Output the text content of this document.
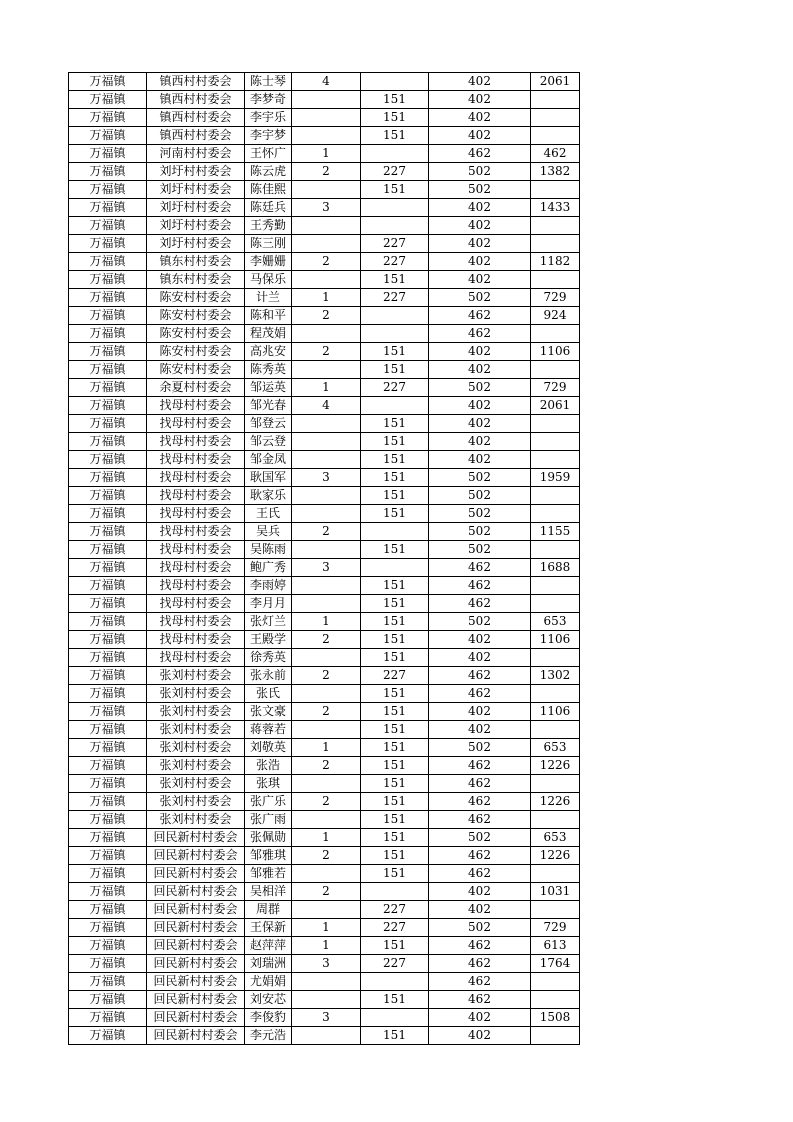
万福镇	镇西村村委会	陈士琴	4		402	2061
万福镇	镇西村村委会	李梦奇		151	402	
万福镇	镇西村村委会	李宇乐		151	402	
万福镇	镇西村村委会	李宇梦		151	402	
万福镇	河南村村委会	王怀广	1		462	462
万福镇	刘圩村村委会	陈云虎	2	227	502	1382
万福镇	刘圩村村委会	陈佳熙		151	502	
万福镇	刘圩村村委会	陈廷兵	3		402	1433
万福镇	刘圩村村委会	王秀勤			402	
万福镇	刘圩村村委会	陈三刚		227	402	
万福镇	镇东村村委会	李姗姗	2	227	402	1182
万福镇	镇东村村委会	马保乐		151	402	
万福镇	陈安村村委会	计兰	1	227	502	729
万福镇	陈安村村委会	陈和平	2		462	924
万福镇	陈安村村委会	程茂娟			462	
万福镇	陈安村村委会	高兆安	2	151	402	1106
万福镇	陈安村村委会	陈秀英		151	402	
万福镇	余夏村村委会	邹运英	1	227	502	729
万福镇	找母村村委会	邹光春	4		402	2061
万福镇	找母村村委会	邹登云		151	402	
万福镇	找母村村委会	邹云登		151	402	
万福镇	找母村村委会	邹金凤		151	402	
万福镇	找母村村委会	耿国军	3	151	502	1959
万福镇	找母村村委会	耿家乐		151	502	
万福镇	找母村村委会	王氏		151	502	
万福镇	找母村村委会	吴兵	2		502	1155
万福镇	找母村村委会	吴陈雨		151	502	
万福镇	找母村村委会	鲍广秀	3		462	1688
万福镇	找母村村委会	李雨婷		151	462	
万福镇	找母村村委会	李月月		151	462	
万福镇	找母村村委会	张灯兰	1	151	502	653
万福镇	找母村村委会	王殿学	2	151	402	1106
万福镇	找母村村委会	徐秀英		151	402	
万福镇	张刘村村委会	张永前	2	227	462	1302
万福镇	张刘村村委会	张氏		151	462	
万福镇	张刘村村委会	张文豪	2	151	402	1106
万福镇	张刘村村委会	蒋蓉若		151	402	
万福镇	张刘村村委会	刘敬英	1	151	502	653
万福镇	张刘村村委会	张浩	2	151	462	1226
万福镇	张刘村村委会	张琪		151	462	
万福镇	张刘村村委会	张广乐	2	151	462	1226
万福镇	张刘村村委会	张广雨		151	462	
万福镇	回民新村村委会	张佩勋	1	151	502	653
万福镇	回民新村村委会	邹雅琪	2	151	462	1226
万福镇	回民新村村委会	邹雅若		151	462	
万福镇	回民新村村委会	吴相洋	2		402	1031
万福镇	回民新村村委会	周群		227	402	
万福镇	回民新村村委会	王保新	1	227	502	729
万福镇	回民新村村委会	赵萍萍	1	151	462	613
万福镇	回民新村村委会	刘瑞洲	3	227	462	1764
万福镇	回民新村村委会	尤娟娟			462	
万福镇	回民新村村委会	刘安芯		151	462	
万福镇	回民新村村委会	李俊豹	3		402	1508
万福镇	回民新村村委会	李元浩		151	402	
